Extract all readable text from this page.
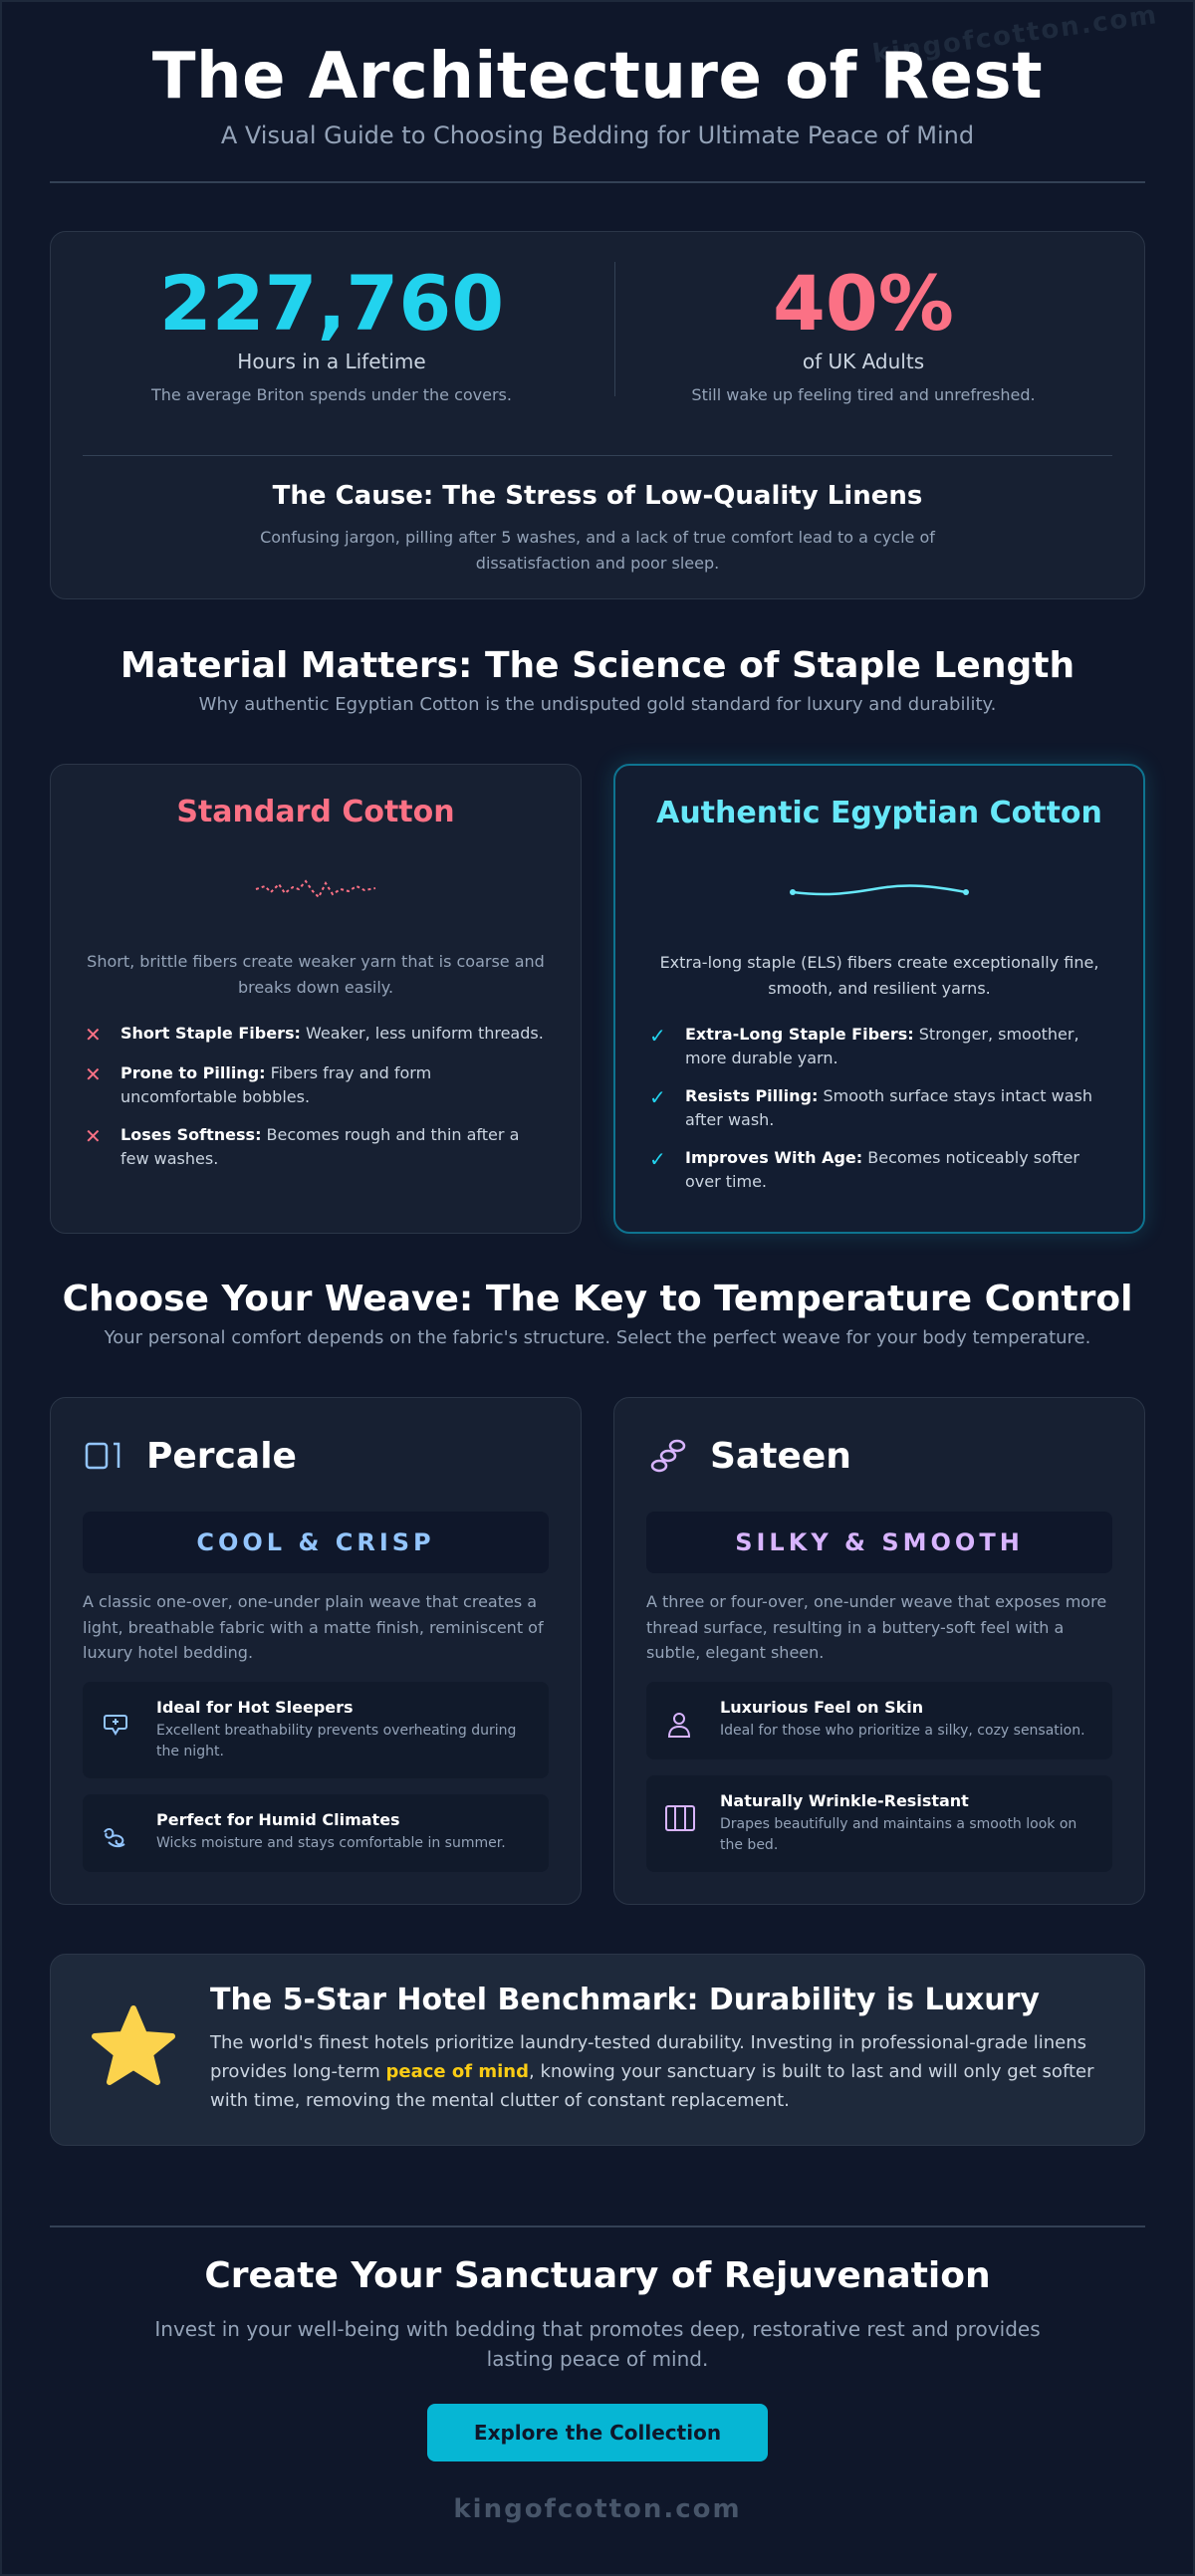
kingofcotton.com
The Architecture of Rest

A Visual Guide to Choosing Bedding for Ultimate Peace of Mind

227,760
Hours in a Lifetime
The average Briton spends under the covers.
40%
of UK Adults
Still wake up feeling tired and unrefreshed.
The Cause: The Stress of Low-Quality Linens

Confusing jargon, pilling after 5 washes, and a lack of true comfort lead to a cycle of dissatisfaction and poor sleep.

Material Matters: The Science of Staple Length

Why authentic Egyptian Cotton is the undisputed gold standard for luxury and durability.

Standard Cotton
Short, brittle fibers create weaker yarn that is coarse and breaks down easily.
✕	Short Staple Fibers: Weaker, less uniform threads.
✕	Prone to Pilling: Fibers fray and form uncomfortable bobbles.
✕	Loses Softness: Becomes rough and thin after a few washes.
Authentic Egyptian Cotton
Extra-long staple (ELS) fibers create exceptionally fine, smooth, and resilient yarns.
✓	Extra-Long Staple Fibers: Stronger, smoother, more durable yarn.
✓	Resists Pilling: Smooth surface stays intact wash after wash.
✓	Improves With Age: Becomes noticeably softer over time.
Choose Your Weave: The Key to Temperature Control

Your personal comfort depends on the fabric's structure. Select the perfect weave for your body temperature.

Percale
COOL & CRISP
A classic one-over, one-under plain weave that creates a light, breathable fabric with a matte finish, reminiscent of luxury hotel bedding.
Ideal for Hot Sleepers
Excellent breathability prevents overheating during the night.
Perfect for Humid Climates
Wicks moisture and stays comfortable in summer.
Sateen
SILKY & SMOOTH
A three or four-over, one-under weave that exposes more thread surface, resulting in a buttery-soft feel with a subtle, elegant sheen.
Luxurious Feel on Skin
Ideal for those who prioritize a silky, cozy sensation.
Naturally Wrinkle-Resistant
Drapes beautifully and maintains a smooth look on the bed.
The 5-Star Hotel Benchmark: Durability is Luxury

The world's finest hotels prioritize laundry-tested durability. Investing in professional-grade linens provides long-term peace of mind, knowing your sanctuary is built to last and will only get softer with time, removing the mental clutter of constant replacement.

Create Your Sanctuary of Rejuvenation

Invest in your well-being with bedding that promotes deep, restorative rest and provides lasting peace of mind.

Explore the Collection
kingofcotton.com
